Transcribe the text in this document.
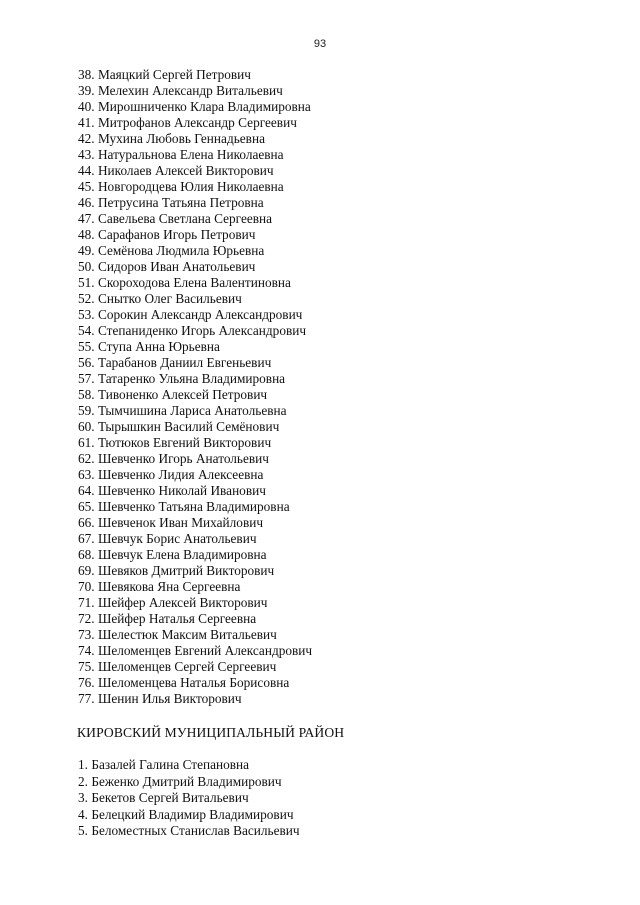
93
38. Маяцкий Сергей Петрович
39. Мелехин Александр Витальевич
40. Мирошниченко Клара Владимировна
41. Митрофанов Александр Сергеевич
42. Мухина Любовь Геннадьевна
43. Натуральнова Елена Николаевна
44. Николаев Алексей Викторович
45. Новгородцева Юлия Николаевна
46. Петрусина Татьяна Петровна
47. Савельева Светлана Сергеевна
48. Сарафанов Игорь Петрович
49. Семёнова Людмила Юрьевна
50. Сидоров Иван Анатольевич
51. Скороходова Елена Валентиновна
52. Снытко Олег Васильевич
53. Сорокин Александр Александрович
54. Степаниденко Игорь Александрович
55. Ступа Анна Юрьевна
56. Тарабанов Даниил Евгеньевич
57. Татаренко Ульяна Владимировна
58. Тивоненко Алексей Петрович
59. Тымчишина Лариса Анатольевна
60. Тырышкин Василий Семёнович
61. Тютюков Евгений Викторович
62. Шевченко Игорь Анатольевич
63. Шевченко Лидия Алексеевна
64. Шевченко Николай Иванович
65. Шевченко Татьяна Владимировна
66. Шевченок Иван Михайлович
67. Шевчук Борис Анатольевич
68. Шевчук Елена Владимировна
69. Шевяков Дмитрий Викторович
70. Шевякова Яна Сергеевна
71. Шейфер Алексей Викторович
72. Шейфер Наталья Сергеевна
73. Шелестюк Максим Витальевич
74. Шеломенцев Евгений Александрович
75. Шеломенцев Сергей Сергеевич
76. Шеломенцева Наталья Борисовна
77. Шенин Илья Викторович
КИРОВСКИЙ МУНИЦИПАЛЬНЫЙ РАЙОН
1. Базалей Галина Степановна
2. Беженко Дмитрий Владимирович
3. Бекетов Сергей Витальевич
4. Белецкий Владимир Владимирович
5. Беломестных Станислав Васильевич
